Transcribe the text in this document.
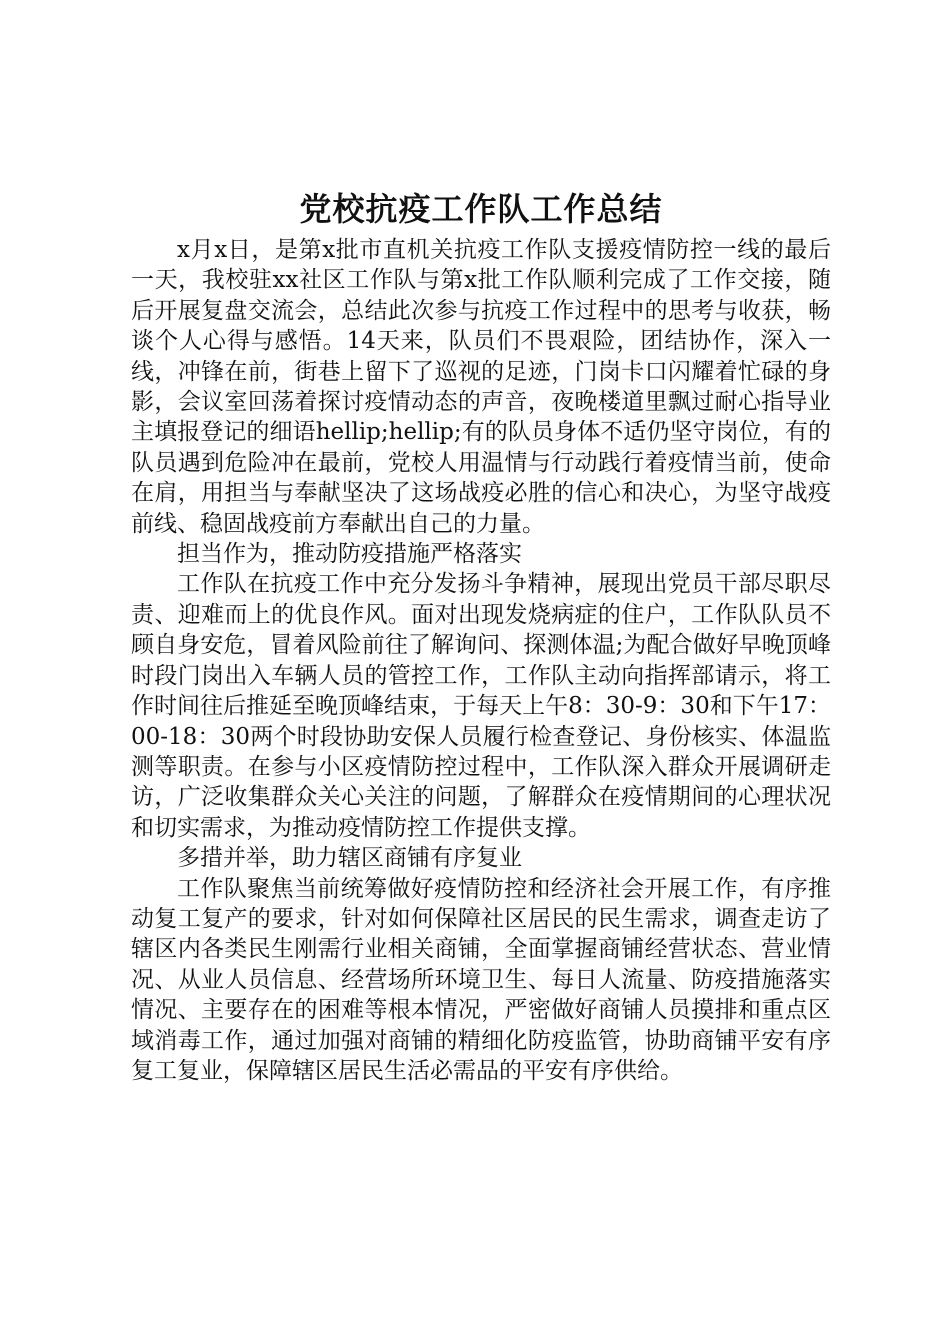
党校抗疫工作队工作总结

x月x日，是第x批市直机关抗疫工作队支援疫情防控一线的最后一天，我校驻xx社区工作队与第x批工作队顺利完成了工作交接，随后开展复盘交流会，总结此次参与抗疫工作过程中的思考与收获，畅谈个人心得与感悟。14天来，队员们不畏艰险，团结协作，深入一线，冲锋在前，街巷上留下了巡视的足迹，门岗卡口闪耀着忙碌的身影，会议室回荡着探讨疫情动态的声音，夜晚楼道里飘过耐心指导业主填报登记的细语hellip;hellip;有的队员身体不适仍坚守岗位，有的队员遇到危险冲在最前，党校人用温情与行动践行着疫情当前，使命在肩，用担当与奉献坚决了这场战疫必胜的信心和决心，为坚守战疫前线、稳固战疫前方奉献出自己的力量。

担当作为，推动防疫措施严格落实

工作队在抗疫工作中充分发扬斗争精神，展现出党员干部尽职尽责、迎难而上的优良作风。面对出现发烧病症的住户，工作队队员不顾自身安危，冒着风险前往了解询问、探测体温;为配合做好早晚顶峰时段门岗出入车辆人员的管控工作，工作队主动向指挥部请示，将工作时间往后推延至晚顶峰结束，于每天上午8：30-9：30和下午17：00-18：30两个时段协助安保人员履行检查登记、身份核实、体温监测等职责。在参与小区疫情防控过程中，工作队深入群众开展调研走访，广泛收集群众关心关注的问题，了解群众在疫情期间的心理状况和切实需求，为推动疫情防控工作提供支撑。

多措并举，助力辖区商铺有序复业

工作队聚焦当前统筹做好疫情防控和经济社会开展工作，有序推动复工复产的要求，针对如何保障社区居民的民生需求，调查走访了辖区内各类民生刚需行业相关商铺，全面掌握商铺经营状态、营业情况、从业人员信息、经营场所环境卫生、每日人流量、防疫措施落实情况、主要存在的困难等根本情况，严密做好商铺人员摸排和重点区域消毒工作，通过加强对商铺的精细化防疫监管，协助商铺平安有序复工复业，保障辖区居民生活必需品的平安有序供给。
